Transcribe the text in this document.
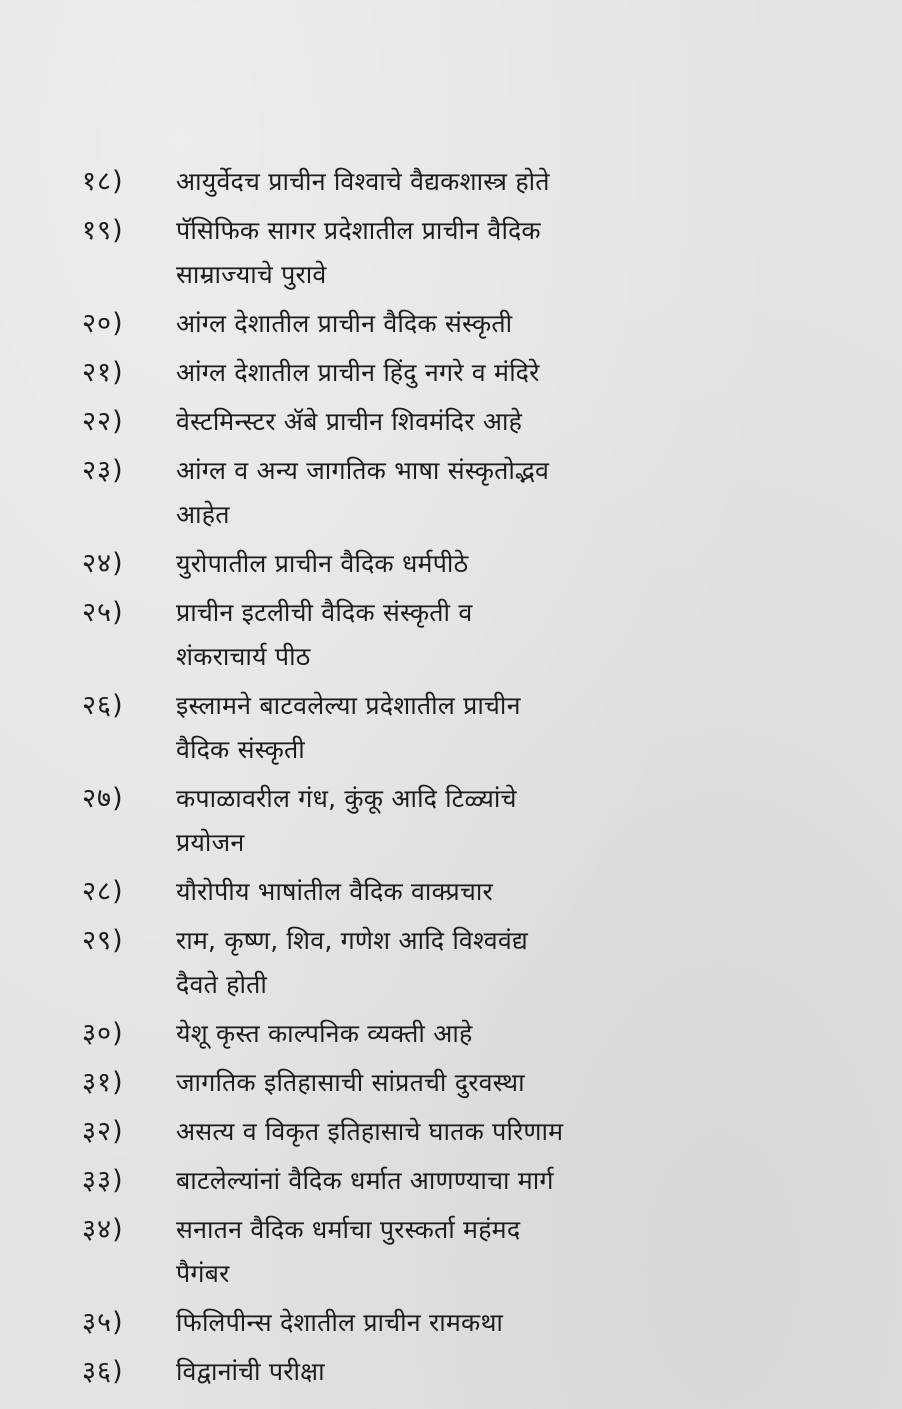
१८)	आयुर्वेदच प्राचीन विश्वाचे वैद्यकशास्त्र होते
१९)	पॅसिफिक सागर प्रदेशातील प्राचीन वैदिक
साम्राज्याचे पुरावे
२०)	आंग्ल देशातील प्राचीन वैदिक संस्कृती
२१)	आंग्ल देशातील प्राचीन हिंदु नगरे व मंदिरे
२२)	वेस्टमिन्स्टर ॲबे प्राचीन शिवमंदिर आहे
२३)	आंग्ल व अन्य जागतिक भाषा संस्कृतोद्भव
आहेत
२४)	युरोपातील प्राचीन वैदिक धर्मपीठे
२५)	प्राचीन इटलीची वैदिक संस्कृती व
शंकराचार्य पीठ
२६)	इस्लामने बाटवलेल्या प्रदेशातील प्राचीन
वैदिक संस्कृती
२७)	कपाळावरील गंध, कुंकू आदि टिळ्यांचे
प्रयोजन
२८)	यौरोपीय भाषांतील वैदिक वाक्प्रचार
२९)	राम, कृष्ण, शिव, गणेश आदि विश्ववंद्य
दैवते होती
३०)	येशू कृस्त काल्पनिक व्यक्ती आहे
३१)	जागतिक इतिहासाची सांप्रतची दुरवस्था
३२)	असत्य व विकृत इतिहासाचे घातक परिणाम
३३)	बाटलेल्यांनां वैदिक धर्मात आणण्याचा मार्ग
३४)	सनातन वैदिक धर्माचा पुरस्कर्ता महंमद
पैगंबर
३५)	फिलिपीन्स देशातील प्राचीन रामकथा
३६)	विद्वानांची परीक्षा
